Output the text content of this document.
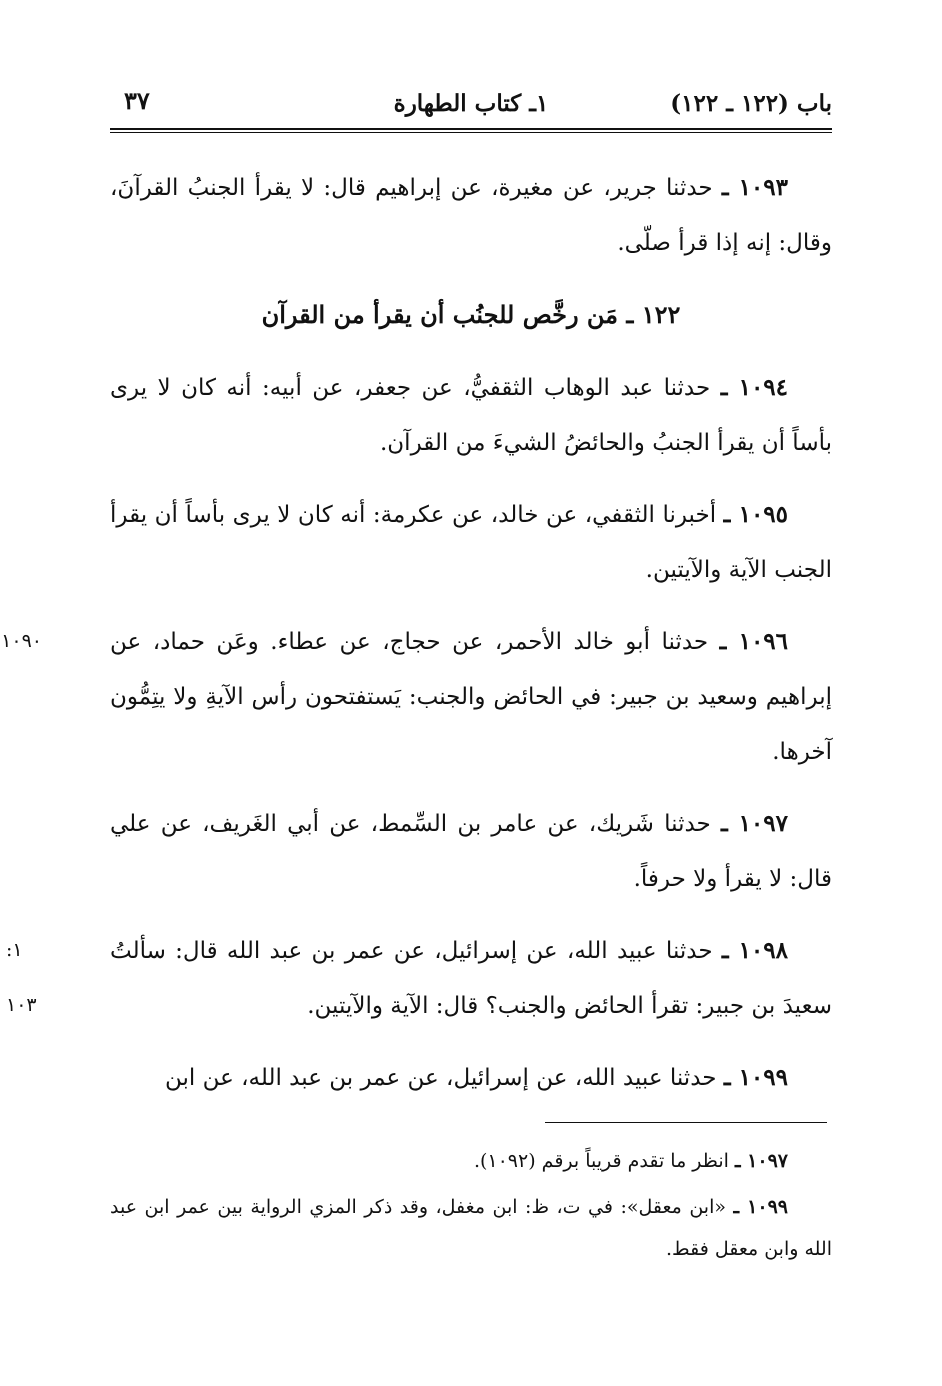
باب (١٢٢ ـ ١٢٢)
١ـ كتاب الطهارة
٣٧

١٠٩٣ ـ حدثنا جرير، عن مغيرة، عن إبراهيم قال: لا يقرأ الجنبُ القرآنَ، وقال: إنه إذا قرأ صلّى.

١٢٢ ـ مَن رخَّص للجنُب أن يقرأ من القرآن

١٠٩٤ ـ حدثنا عبد الوهاب الثقفيُّ، عن جعفر، عن أبيه: أنه كان لا يرى بأساً أن يقرأ الجنبُ والحائضُ الشيءَ من القرآن.

١٠٩٥ ـ أخبرنا الثقفي، عن خالد، عن عكرمة: أنه كان لا يرى بأساً أن يقرأ الجنب الآية والآيتين.

١٠٩٠	١٠٩٦ ـ حدثنا أبو خالد الأحمر، عن حجاج، عن عطاء. وعَن حماد، عن إبراهيم وسعيد بن جبير: في الحائض والجنب: يَستفتحون رأس الآيةِ ولا يتِمُّون آخرها.

١٠٩٧ ـ حدثنا شَريك، عن عامر بن السِّمط، عن أبي الغَريف، عن علي قال: لا يقرأ ولا حرفاً.

١: ١٠٣
١٠٩٨ ـ حدثنا عبيد الله، عن إسرائيل، عن عمر بن عبد الله قال: سألتُ سعيدَ بن جبير: تقرأ الحائض والجنب؟ قال: الآية والآيتين.

١٠٩٩ ـ حدثنا عبيد الله، عن إسرائيل، عن عمر بن عبد الله، عن ابن

١٠٩٧ ـ انظر ما تقدم قريباً برقم (١٠٩٢).

١٠٩٩ ـ «ابن معقل»: في ت، ظ: ابن مغفل، وقد ذكر المزي الرواية بين عمر ابن عبد الله وابن معقل فقط.
